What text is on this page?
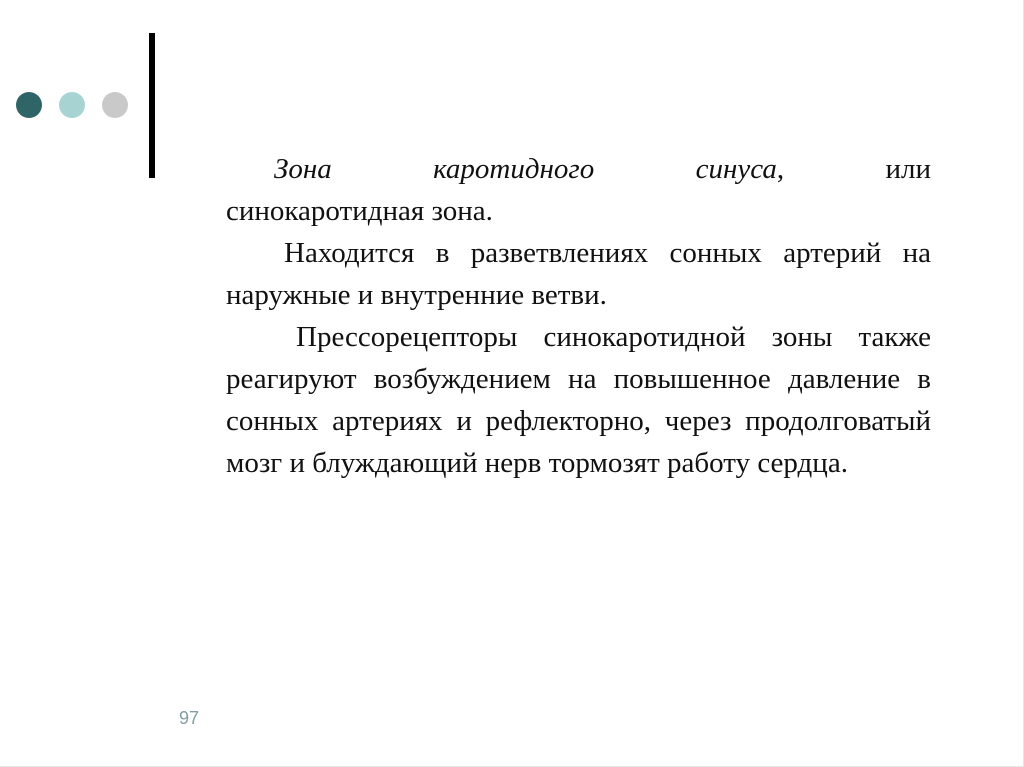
Зона	каротидного	синуса,	или

синокаротидная зона.

Находится в разветвлениях сонных артерий на наружные и внутренние ветви.

Прессорецепторы синокаротидной зоны также реагируют возбуждением на повышенное давление в сонных артериях и рефлекторно, через продолговатый мозг и блуждающий нерв тормозят работу сердца.

97
